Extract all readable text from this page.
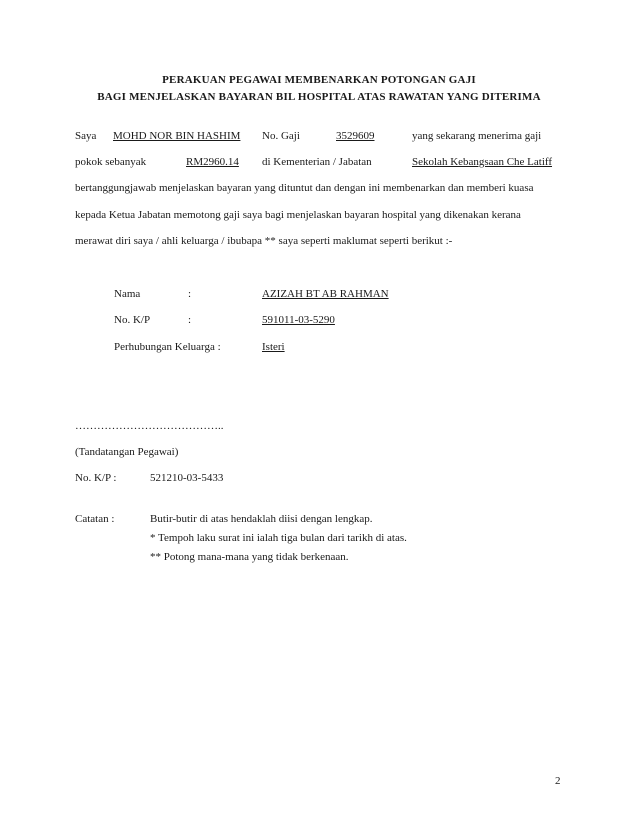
PERAKUAN PEGAWAI MEMBENARKAN POTONGAN GAJI
BAGI MENJELASKAN BAYARAN BIL HOSPITAL ATAS RAWATAN YANG DITERIMA
Saya MOHD NOR BIN HASHIM No. Gaji	3529609	yang sekarang menerima gaji
pokok sebanyak	RM2960.14 di Kementerian / Jabatan	Sekolah Kebangsaan Che Latiff
bertanggungjawab menjelaskan bayaran yang dituntut dan dengan ini membenarkan dan memberi kuasa
kepada Ketua Jabatan memotong gaji saya bagi menjelaskan bayaran hospital yang dikenakan kerana
merawat diri saya / ahli keluarga / ibubapa ** saya seperti maklumat seperti berikut :-
Nama	:	AZIZAH BT AB RAHMAN
No. K/P	:	591011-03-5290
Perhubungan Keluarga :	Isteri
…………………………………..
(Tandatangan Pegawai)
No. K/P :	521210-03-5433
Catatan :	Butir-butir di atas hendaklah diisi dengan lengkap.
* Tempoh laku surat ini ialah tiga bulan dari tarikh di atas.
** Potong mana-mana yang tidak berkenaan.
2
